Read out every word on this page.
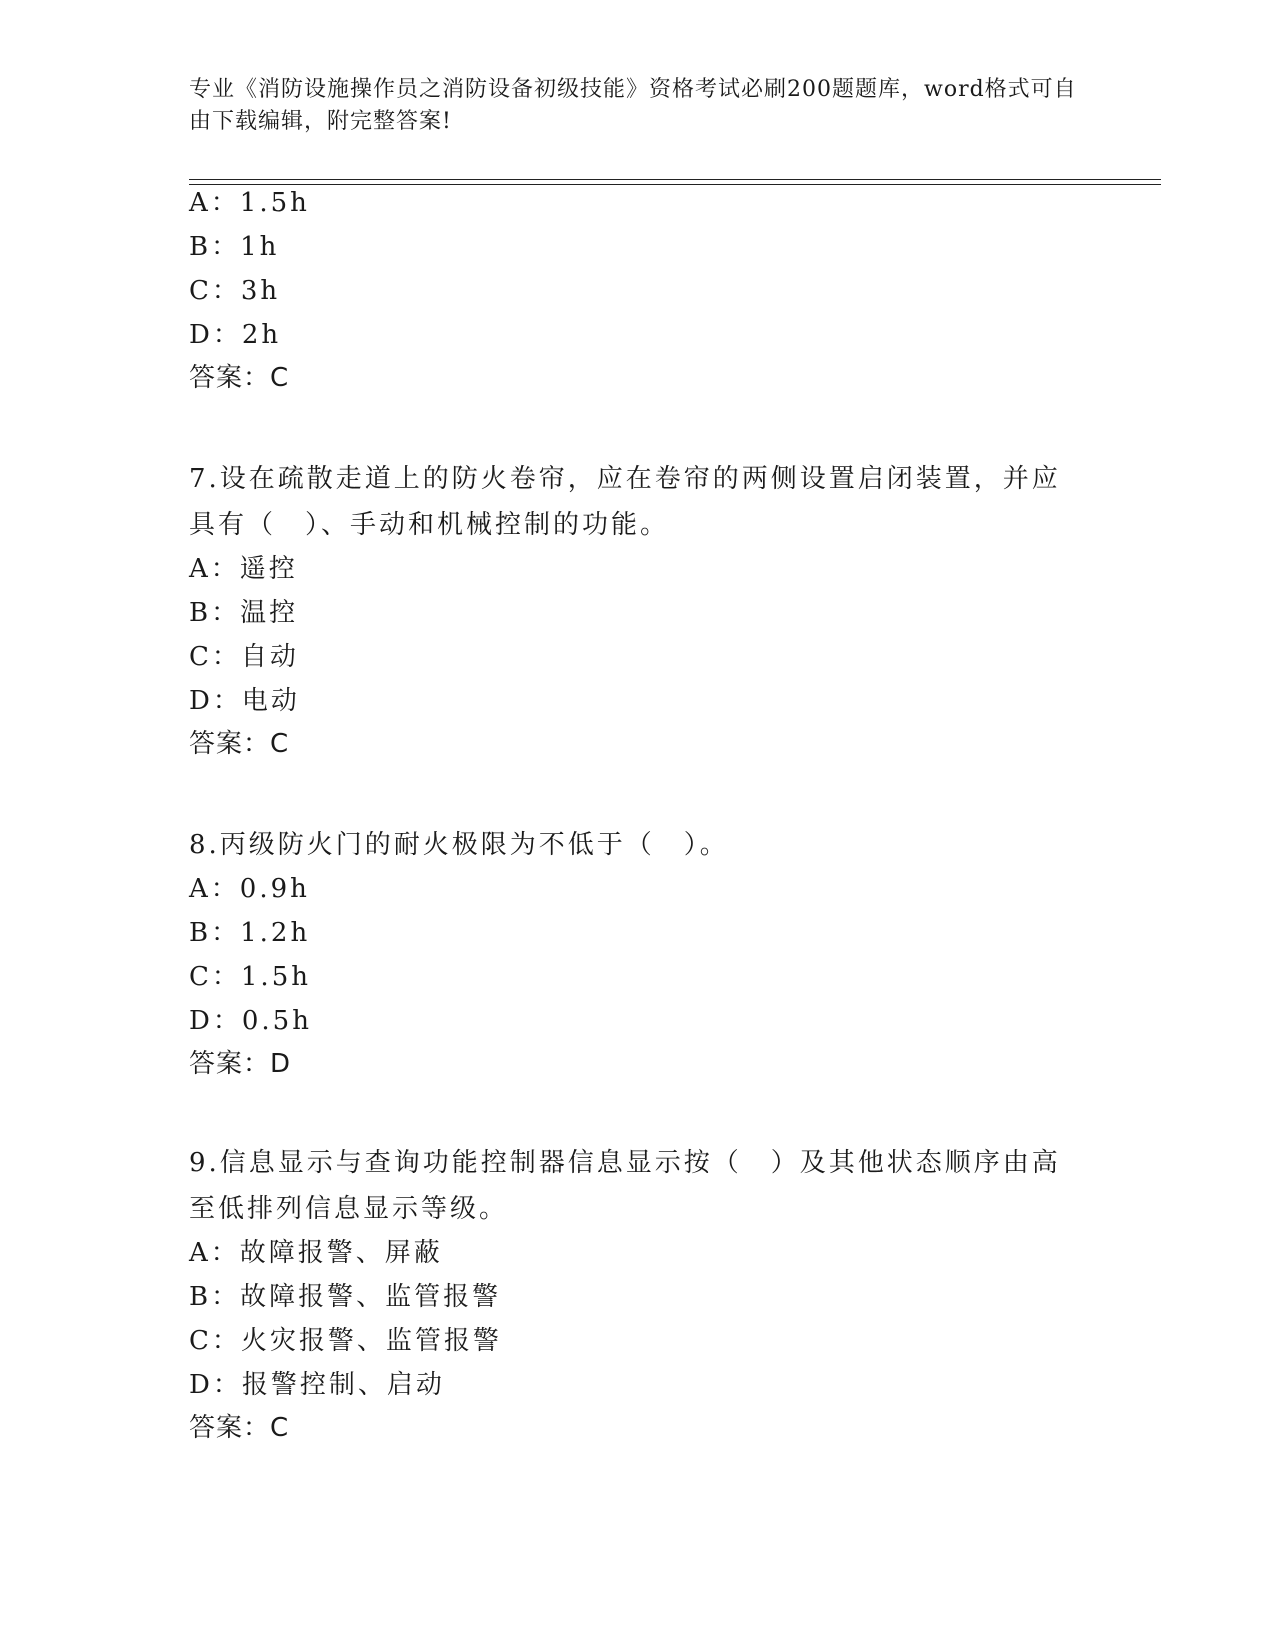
专业《消防设施操作员之消防设备初级技能》资格考试必刷200题题库，word格式可自由下载编辑，附完整答案!
A：1.5h
B：1h
C：3h
D：2h
答案：C
7.设在疏散走道上的防火卷帘，应在卷帘的两侧设置启闭装置，并应具有（　）、手动和机械控制的功能。
A：遥控
B：温控
C：自动
D：电动
答案：C
8.丙级防火门的耐火极限为不低于（　）。
A：0.9h
B：1.2h
C：1.5h
D：0.5h
答案：D
9.信息显示与查询功能控制器信息显示按（　）及其他状态顺序由高至低排列信息显示等级。
A：故障报警、屏蔽
B：故障报警、监管报警
C：火灾报警、监管报警
D：报警控制、启动
答案：C
